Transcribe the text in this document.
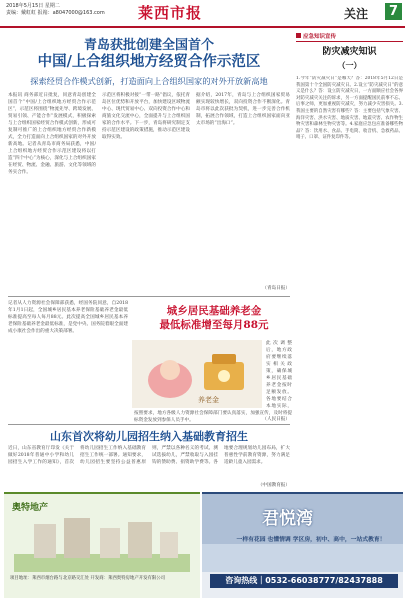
2018年5月15日 星期二
责编：戴虹虹 报箱：a8047000@163.com 莱西市报	关注	7
青岛获批创建全国首个
中国/上合组织地方经贸合作示范区
探索经贸合作模式创新，打造面向上合组织国家的对外开放新高地
本报讯 商务部近日批复，同意青岛创建全国首个“中国/上合组织地方经贸合作示范区”，示范区将围绕“物流先导、跨境发展、贸易引领、产能合作”发展模式，积极探索与上合组织国家经贸合作模式创新，形成可复制可推广的上合组织地方经贸合作新模式，全力打造面向上合组织国家的对外开放新高地。记者从青岛市商务局获悉，中国/上合组织地方经贸合作示范区建设将以打造“四个中心”为核心，深化与上合组织国家在经贸、物流、金融、旅游、文化等领域的务实合作。
示范区将积极对接“一带一路”倡议，依托青岛区位优势和开放平台，加快建设区域物流中心、现代贸易中心、双向投资合作中心和商旅文化交流中心，全面提升与上合组织国家的合作水平。下一步，青岛将研究制定支持示范区建设的政策措施，推动示范区建设取得实效。
据介绍，2017年，青岛与上合组织国家贸易额实现较快增长，双向投资合作不断深化。青岛市将以此次获批为契机，进一步完善合作机制，拓展合作领域，打造上合组织国家面向亚太市场的“出海口”。
（青岛日报）
记者从人力资源社会保障部获悉，经国务院同意，自2018年1月1日起，全国城乡居民基本养老保险基础养老金最低标准提高至每人每月88元。此次提高全国城乡居民基本养老保险基础养老金最低标准，是党中央、国务院着眼全面建成小康社会作出的重大决策部署。
城乡居民基础养老金
最低标准增至每月88元
养老金
此次调整后，地方政府要继续落实相关政策，确保城乡居民基础养老金按时足额发放。各地要结合本地实际，
按照要求，地方各级人力资源社会保障部门要认真落实，加强宣传，及时将提标资金发放到参保人员手中。	（人民日报）
山东首次将幼儿园招生纳入基础教育招生
近日，山东省教育厅印发《关于做好2018年普通中小学和幼儿园招生入学工作的通知》，首次将幼儿园招生工作纳入基础教育招生工作统一部署。通知要求，幼儿园招生要坚持公益普惠原则，严禁以各种名义的考试、测试选拔幼儿，严禁收取与入园挂钩的赞助费、捐资助学费等。各地要合理规划幼儿园布局，扩大普惠性学前教育资源，努力满足适龄儿童入园需求。
（中国教育报）
应急知识宣传
防灾减灾知识
（一）
1.今年“防灾减灾日”是哪天？答：2018年5月12日是我国第十个全国防灾减灾日。2.设立“防灾减灾日”的意义是什么？答：设立防灾减灾日，一方面顺应社会各界对防灾减灾关注的诉求，另一方面提醒国民前事不忘、后事之师，更加重视防灾减灾，努力减少灾害损失。3.我国主要的自然灾害有哪些？答：主要包括气象灾害、海洋灾害、洪水灾害、地质灾害、地震灾害、农作物生物灾害和森林生物灾害等。4.家庭应急包应准备哪些物品？答：饮用水、食品、手电筒、收音机、急救药品、哨子、口罩、证件复印件等。
奥特地产
项目地址：莱西市烟台路与北京路交汇处 开发商：莱西奥特房地产开发有限公司
君悦湾
一样有花园 也懂情调 学区房，初中、高中，一站式教育！
咨询热线｜0532-66038777/82437888
